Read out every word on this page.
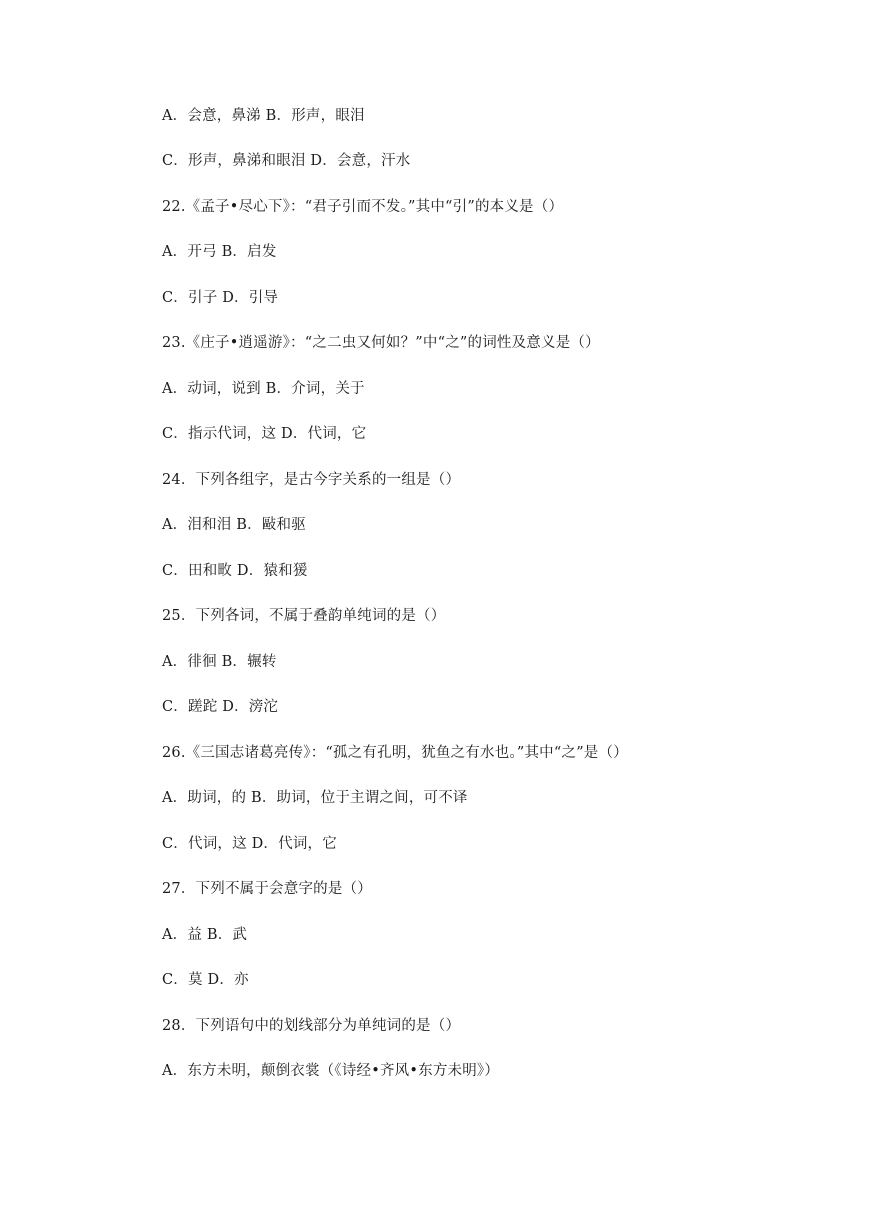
A．会意，鼻涕 B．形声，眼泪
C．形声，鼻涕和眼泪 D．会意，汗水
22.《孟子•尽心下》：“君子引而不发。”其中“引”的本义是（）
A．开弓 B．启发
C．引子 D．引导
23.《庄子•逍遥游》：“之二虫又何如？”中“之”的词性及意义是（）
A．动词，说到 B．介词，关于
C．指示代词，这 D．代词，它
24．下列各组字，是古今字关系的一组是（）
A．泪和泪 B．敺和驱
C．田和畋 D．猿和猨
25．下列各词，不属于叠韵单纯词的是（）
A．徘徊 B．辗转
C．蹉跎 D．滂沱
26.《三国志诸葛亮传》：“孤之有孔明，犹鱼之有水也。”其中“之”是（）
A．助词，的 B．助词，位于主谓之间，可不译
C．代词，这 D．代词，它
27．下列不属于会意字的是（）
A．益 B．武
C．莫 D．亦
28．下列语句中的划线部分为单纯词的是（）
A．东方未明，颠倒衣裳（《诗经•齐风•东方未明》）
